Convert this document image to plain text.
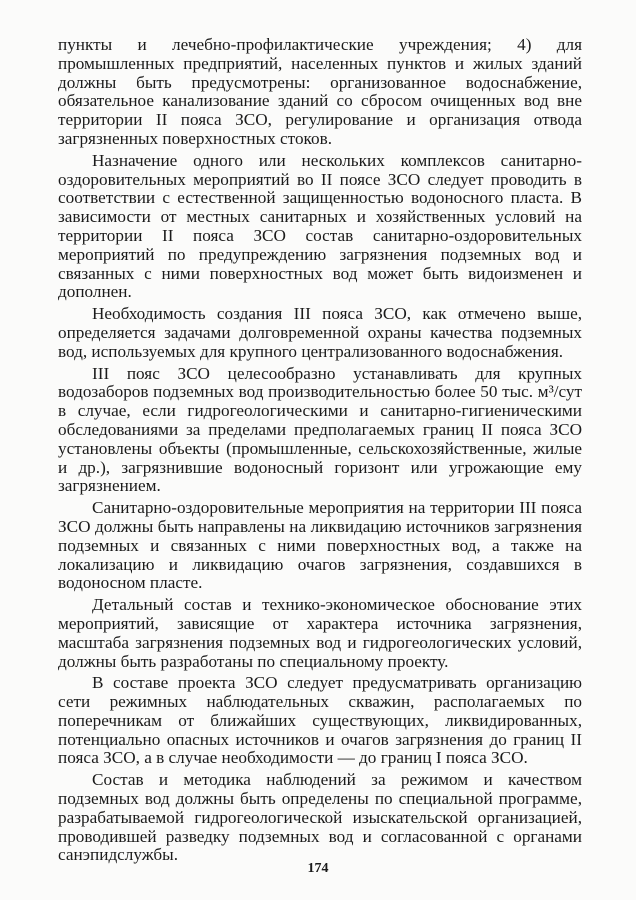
пункты и лечебно-профилактические учреждения; 4) для промышленных предприятий, населенных пунктов и жилых зданий должны быть предусмотрены: организованное водоснабжение, обязательное канализование зданий со сбросом очищенных вод вне территории II пояса ЗСО, регулирование и организация отвода загрязненных поверхностных стоков.

Назначение одного или нескольких комплексов санитарно-оздоровительных мероприятий во II поясе ЗСО следует проводить в соответствии с естественной защищенностью водоносного пласта. В зависимости от местных санитарных и хозяйственных условий на территории II пояса ЗСО состав санитарно-оздоровительных мероприятий по предупреждению загрязнения подземных вод и связанных с ними поверхностных вод может быть видоизменен и дополнен.

Необходимость создания III пояса ЗСО, как отмечено выше, определяется задачами долговременной охраны качества подземных вод, используемых для крупного централизованного водоснабжения.

III пояс ЗСО целесообразно устанавливать для крупных водозаборов подземных вод производительностью более 50 тыс. м³/сут в случае, если гидрогеологическими и санитарно-гигиеническими обследованиями за пределами предполагаемых границ II пояса ЗСО установлены объекты (промышленные, сельскохозяйственные, жилые и др.), загрязнившие водоносный горизонт или угрожающие ему загрязнением.

Санитарно-оздоровительные мероприятия на территории III пояса ЗСО должны быть направлены на ликвидацию источников загрязнения подземных и связанных с ними поверхностных вод, а также на локализацию и ликвидацию очагов загрязнения, создавшихся в водоносном пласте.

Детальный состав и технико-экономическое обоснование этих мероприятий, зависящие от характера источника загрязнения, масштаба загрязнения подземных вод и гидрогеологических условий, должны быть разработаны по специальному проекту.

В составе проекта ЗСО следует предусматривать организацию сети режимных наблюдательных скважин, располагаемых по поперечникам от ближайших существующих, ликвидированных, потенциально опасных источников и очагов загрязнения до границ II пояса ЗСО, а в случае необходимости — до границ I пояса ЗСО.

Состав и методика наблюдений за режимом и качеством подземных вод должны быть определены по специальной программе, разрабатываемой гидрогеологической изыскательской организацией, проводившей разведку подземных вод и согласованной с органами санэпидслужбы.

174
